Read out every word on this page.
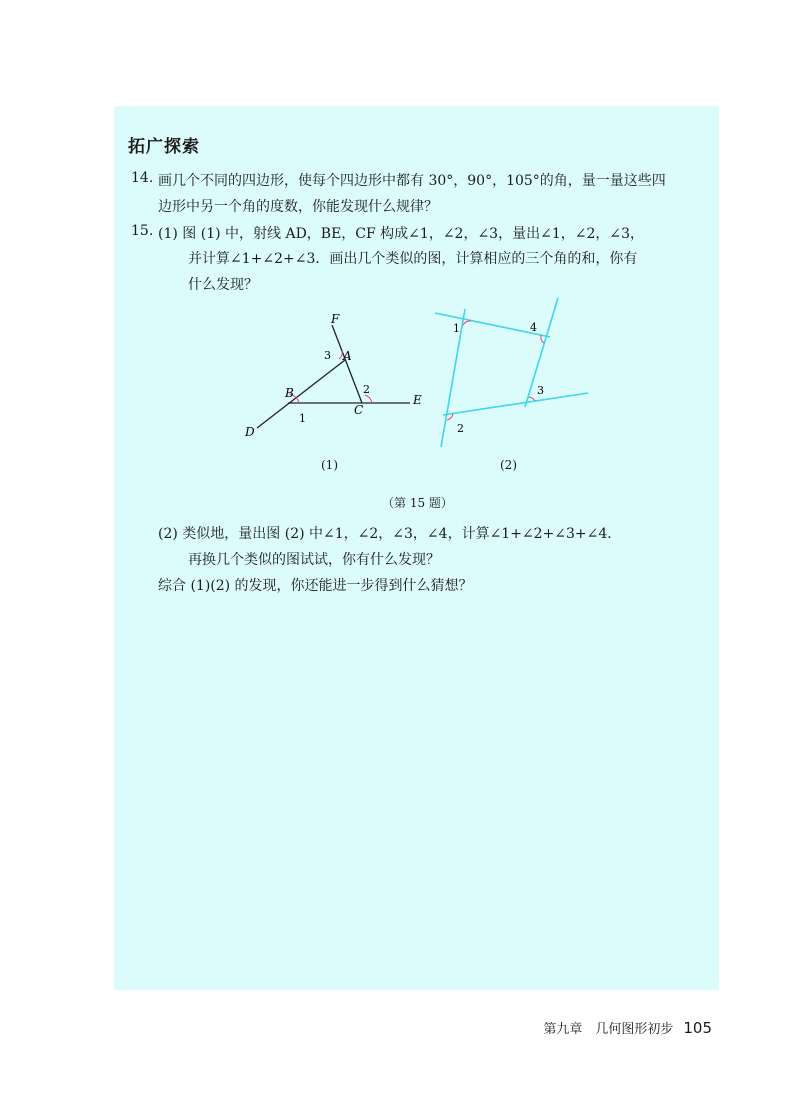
拓广探索
14. 画几个不同的四边形，使每个四边形中都有 30°，90°，105°的角，量一量这些四
边形中另一个角的度数，你能发现什么规律？
15. (1) 图 (1) 中，射线 AD，BE，CF 构成∠1，∠2，∠3，量出∠1，∠2，∠3，
并计算∠1+∠2+∠3．画出几个类似的图，计算相应的三个角的和，你有
什么发现？
F
A
B
C
D
E
1
2
3
1
2
3
4
(1)	(2)
（第 15 题）
(2) 类似地，量出图 (2) 中∠1，∠2，∠3，∠4，计算∠1+∠2+∠3+∠4．
再换几个类似的图试试，你有什么发现？
综合 (1)(2) 的发现，你还能进一步得到什么猜想？
第九章　几何图形初步 105
